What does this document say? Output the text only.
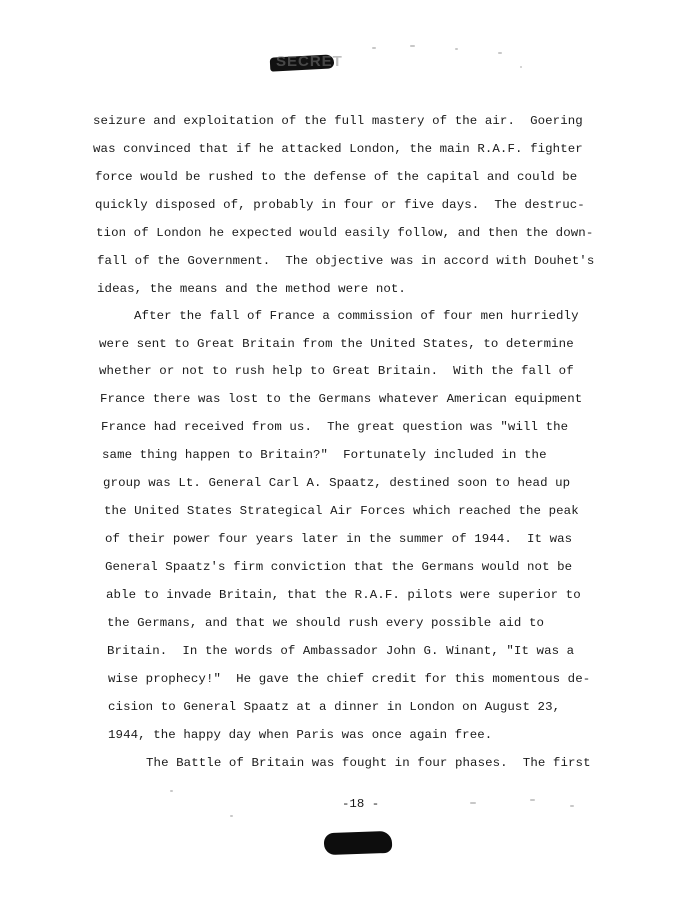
SECRET
seizure and exploitation of the full mastery of the air.  Goering
was convinced that if he attacked London, the main R.A.F. fighter
force would be rushed to the defense of the capital and could be
quickly disposed of, probably in four or five days.  The destruc-
tion of London he expected would easily follow, and then the down-
fall of the Government.  The objective was in accord with Douhet's
ideas, the means and the method were not.
After the fall of France a commission of four men hurriedly
were sent to Great Britain from the United States, to determine
whether or not to rush help to Great Britain.  With the fall of
France there was lost to the Germans whatever American equipment
France had received from us.  The great question was "will the
same thing happen to Britain?"  Fortunately included in the
group was Lt. General Carl A. Spaatz, destined soon to head up
the United States Strategical Air Forces which reached the peak
of their power four years later in the summer of 1944.  It was
General Spaatz's firm conviction that the Germans would not be
able to invade Britain, that the R.A.F. pilots were superior to
the Germans, and that we should rush every possible aid to
Britain.  In the words of Ambassador John G. Winant, "It was a
wise prophecy!"  He gave the chief credit for this momentous de-
cision to General Spaatz at a dinner in London on August 23,
1944, the happy day when Paris was once again free.
The Battle of Britain was fought in four phases.  The first
-18 -
